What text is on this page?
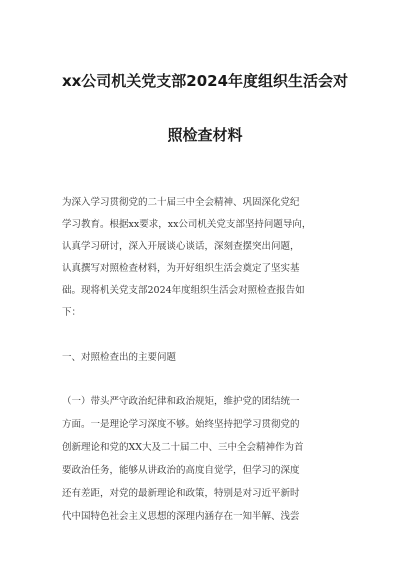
xx公司机关党支部2024年度组织生活会对
照检查材料
为深入学习贯彻党的二十届三中全会精神、巩固深化党纪
学习教育。根据xx要求，xx公司机关党支部坚持问题导向，
认真学习研讨，深入开展谈心谈话，深刻查摆突出问题，
认真撰写对照检查材料，为开好组织生活会奠定了坚实基
础。现将机关党支部2024年度组织生活会对照检查报告如
下：
一、对照检查出的主要问题
（一）带头严守政治纪律和政治规矩，维护党的团结统一
方面。一是理论学习深度不够。始终坚持把学习贯彻党的
创新理论和党的XX大及二十届二中、三中全会精神作为首
要政治任务，能够从讲政治的高度自觉学，但学习的深度
还有差距，对党的最新理论和政策，特别是对习近平新时
代中国特色社会主义思想的深理内涵存在一知半解、浅尝
